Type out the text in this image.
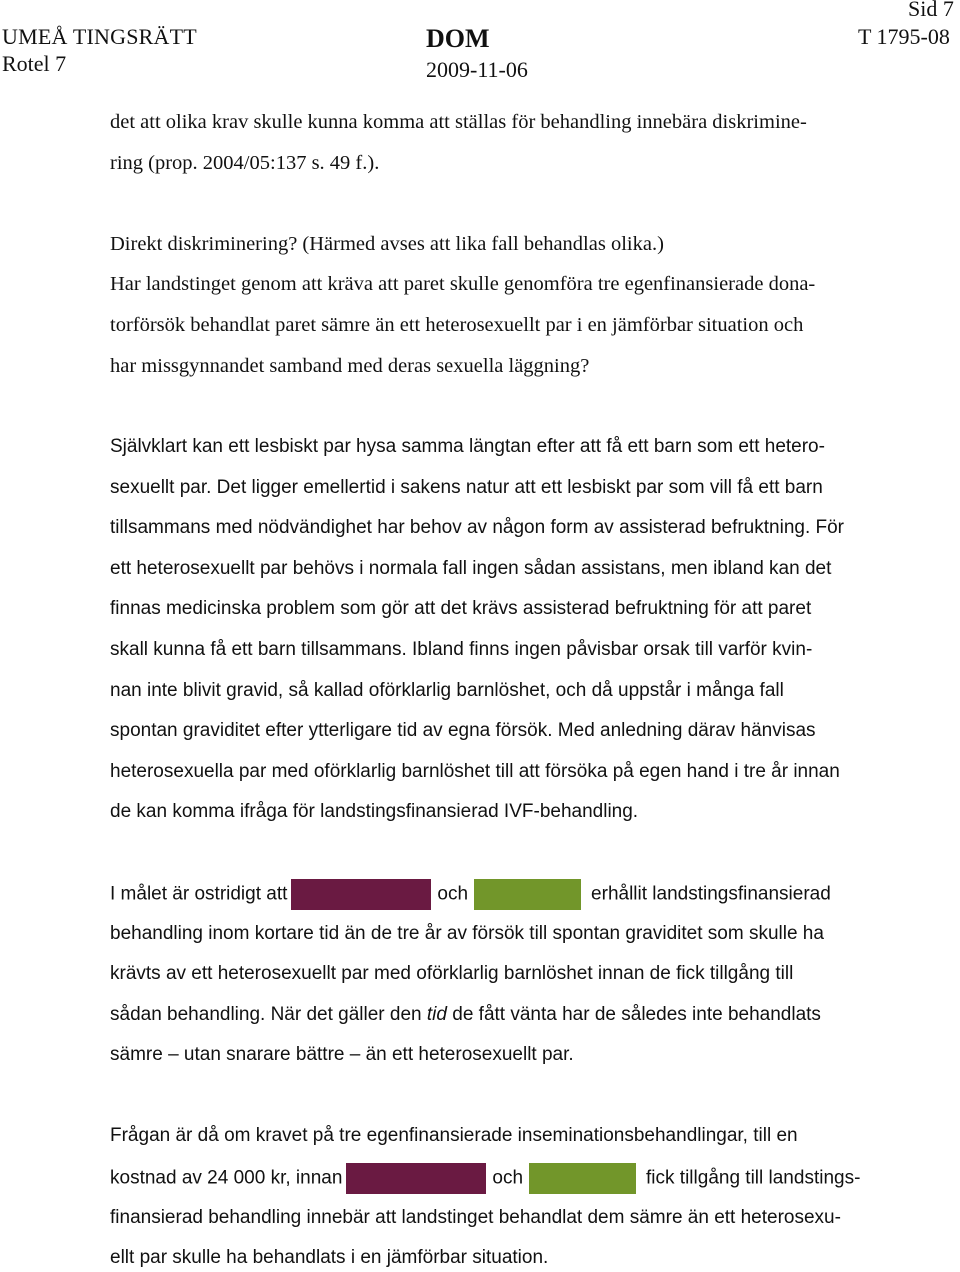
UMEÅ TINGSRÄTT
Rotel 7
DOM
2009-11-06
Sid 7
T 1795-08
det att olika krav skulle kunna komma att ställas för behandling innebära diskrimine-
ring (prop. 2004/05:137 s. 49 f.).
Direkt diskriminering? (Härmed avses att lika fall behandlas olika.)
Har landstinget genom att kräva att paret skulle genomföra tre egenfinansierade dona-
torförsök behandlat paret sämre än ett heterosexuellt par i en jämförbar situation och
har missgynnandet samband med deras sexuella läggning?
Självklart kan ett lesbiskt par hysa samma längtan efter att få ett barn som ett hetero-
sexuellt par. Det ligger emellertid i sakens natur att ett lesbiskt par som vill få ett barn
tillsammans med nödvändighet har behov av någon form av assisterad befruktning. För
ett heterosexuellt par behövs i normala fall ingen sådan assistans, men ibland kan det
finnas medicinska problem som gör att det krävs assisterad befruktning för att paret
skall kunna få ett barn tillsammans. Ibland finns ingen påvisbar orsak till varför kvin-
nan inte blivit gravid, så kallad oförklarlig barnlöshet, och då uppstår i många fall
spontan graviditet efter ytterligare tid av egna försök. Med anledning därav hänvisas
heterosexuella par med oförklarlig barnlöshet till att försöka på egen hand i tre år innan
de kan komma ifråga för landstingsfinansierad IVF-behandling.
I målet är ostridigt att	och	erhållit landstingsfinansierad
behandling inom kortare tid än de tre år av försök till spontan graviditet som skulle ha
krävts av ett heterosexuellt par med oförklarlig barnlöshet innan de fick tillgång till
sådan behandling. När det gäller den tid de fått vänta har de således inte behandlats
sämre – utan snarare bättre – än ett heterosexuellt par.
Frågan är då om kravet på tre egenfinansierade inseminationsbehandlingar, till en
kostnad av 24 000 kr, innan	och	fick tillgång till landstings-
finansierad behandling innebär att landstinget behandlat dem sämre än ett heterosexu-
ellt par skulle ha behandlats i en jämförbar situation.
